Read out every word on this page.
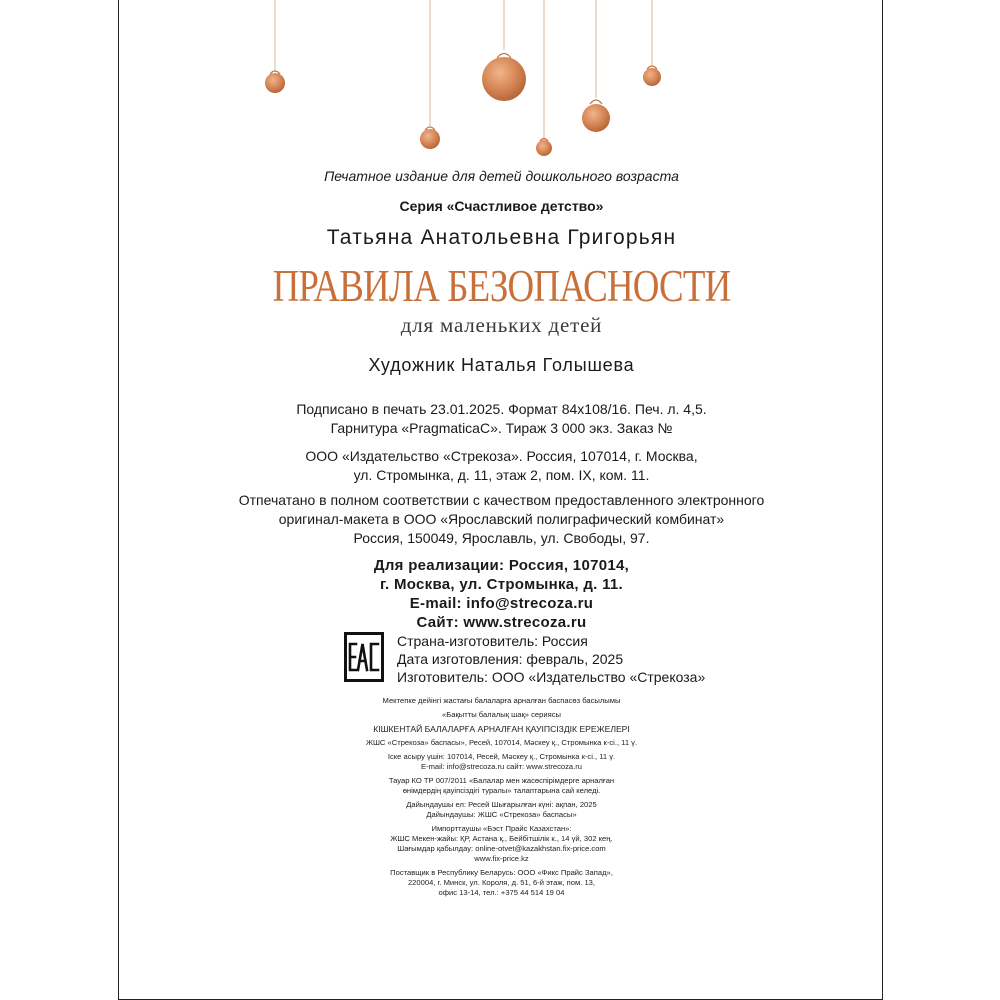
Печатное издание для детей дошкольного возраста
Серия «Счастливое детство»
Татьяна Анатольевна Григорьян
ПРАВИЛА БЕЗОПАСНОСТИ
для маленьких детей
Художник Наталья Голышева
Подписано в печать 23.01.2025. Формат 84х108/16. Печ. л. 4,5.
Гарнитура «PragmaticaC». Тираж 3 000 экз. Заказ №
ООО «Издательство «Стрекоза». Россия, 107014, г. Москва,
ул. Стромынка, д. 11, этаж 2, пом. IX, ком. 11.
Отпечатано в полном соответствии с качеством предоставленного электронного
оригинал-макета в ООО «Ярославский полиграфический комбинат»
Россия, 150049, Ярославль, ул. Свободы, 97.
Для реализации: Россия, 107014,
г. Москва, ул. Стромынка, д. 11.
E-mail: info@strecoza.ru
Сайт: www.strecoza.ru
Страна-изготовитель: Россия
Дата изготовления: февраль, 2025
Изготовитель: ООО «Издательство «Стрекоза»
Мектепке дейінгі жастағы балаларға арналған баспасөз басылымы
«Бақытты балалық шақ» сериясы
КІШКЕНТАЙ БАЛАЛАРҒА АРНАЛҒАН ҚАУІПСІЗДІК ЕРЕЖЕЛЕРІ
ЖШС «Стрекоза» баспасы», Ресей, 107014, Мәскеу қ., Стромынка к-сі., 11 ү.
Іске асыру үшін: 107014, Ресей, Мәскеу қ., Стромынка к-сі., 11 ү.
E-mail: info@strecoza.ru сайт: www.strecoza.ru
Тауар КО ТР 007/2011 «Балалар мен жасөспірімдерге арналған
өнімдердің қауіпсіздігі туралы» талаптарына сай келеді.
Дайындаушы ел: Ресей Шығарылған күні: ақпан, 2025
Дайындаушы: ЖШС «Стрекоза» баспасы»
Импорттаушы «Бэст Прайс Казахстан»:
ЖШС Мекен-жайы: ҚР, Астана қ., Бейбітшілік к., 14 үй, 302 кең.
Шағымдар қабылдау: online-otvet@kazakhstan.fix-price.com
www.fix-price.kz
Поставщик в Республику Беларусь: ООО «Фикс Прайс Запад»,
220004, г. Минск, ул. Короля, д. 51, 6-й этаж, пом. 13,
офис 13-14, тел.: +375 44 514 19 04
